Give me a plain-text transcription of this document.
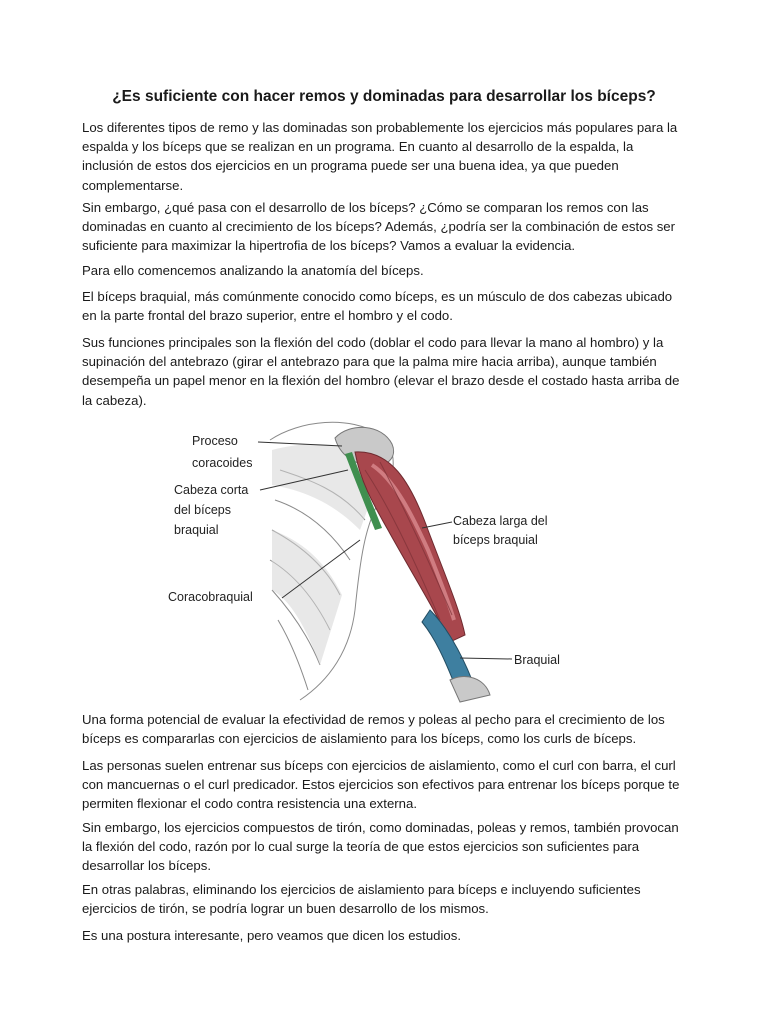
¿Es suficiente con hacer remos y dominadas para desarrollar los bíceps?

Los diferentes tipos de remo y las dominadas son probablemente los ejercicios más populares para la espalda y los bíceps que se realizan en un programa. En cuanto al desarrollo de la espalda, la inclusión de estos dos ejercicios en un programa puede ser una buena idea, ya que pueden complementarse.

Sin embargo, ¿qué pasa con el desarrollo de los bíceps? ¿Cómo se comparan los remos con las dominadas en cuanto al crecimiento de los bíceps? Además, ¿podría ser la combinación de estos ser suficiente para maximizar la hipertrofia de los bíceps? Vamos a evaluar la evidencia.

Para ello comencemos analizando la anatomía del bíceps.

El bíceps braquial, más comúnmente conocido como bíceps, es un músculo de dos cabezas ubicado en la parte frontal del brazo superior, entre el hombro y el codo.

Sus funciones principales son la flexión del codo (doblar el codo para llevar la mano al hombro) y la supinación del antebrazo (girar el antebrazo para que la palma mire hacia arriba), aunque también desempeña un papel menor en la flexión del hombro (elevar el brazo desde el costado hasta arriba de la cabeza).

Proceso
coracoides
Cabeza corta
del bíceps
braquial
Coracobraquial
Cabeza larga del
bíceps braquial
Braquial

Una forma potencial de evaluar la efectividad de remos y poleas al pecho para el crecimiento de los bíceps es compararlas con ejercicios de aislamiento para los bíceps, como los curls de bíceps.

Las personas suelen entrenar sus bíceps con ejercicios de aislamiento, como el curl con barra, el curl con mancuernas o el curl predicador. Estos ejercicios son efectivos para entrenar los bíceps porque te permiten flexionar el codo contra resistencia una externa.

Sin embargo, los ejercicios compuestos de tirón, como dominadas, poleas y remos, también provocan la flexión del codo, razón por lo cual surge la teoría de que estos ejercicios son suficientes para desarrollar los bíceps.

En otras palabras, eliminando los ejercicios de aislamiento para bíceps e incluyendo suficientes ejercicios de tirón, se podría lograr un buen desarrollo de los mismos.

Es una postura interesante, pero veamos que dicen los estudios.
